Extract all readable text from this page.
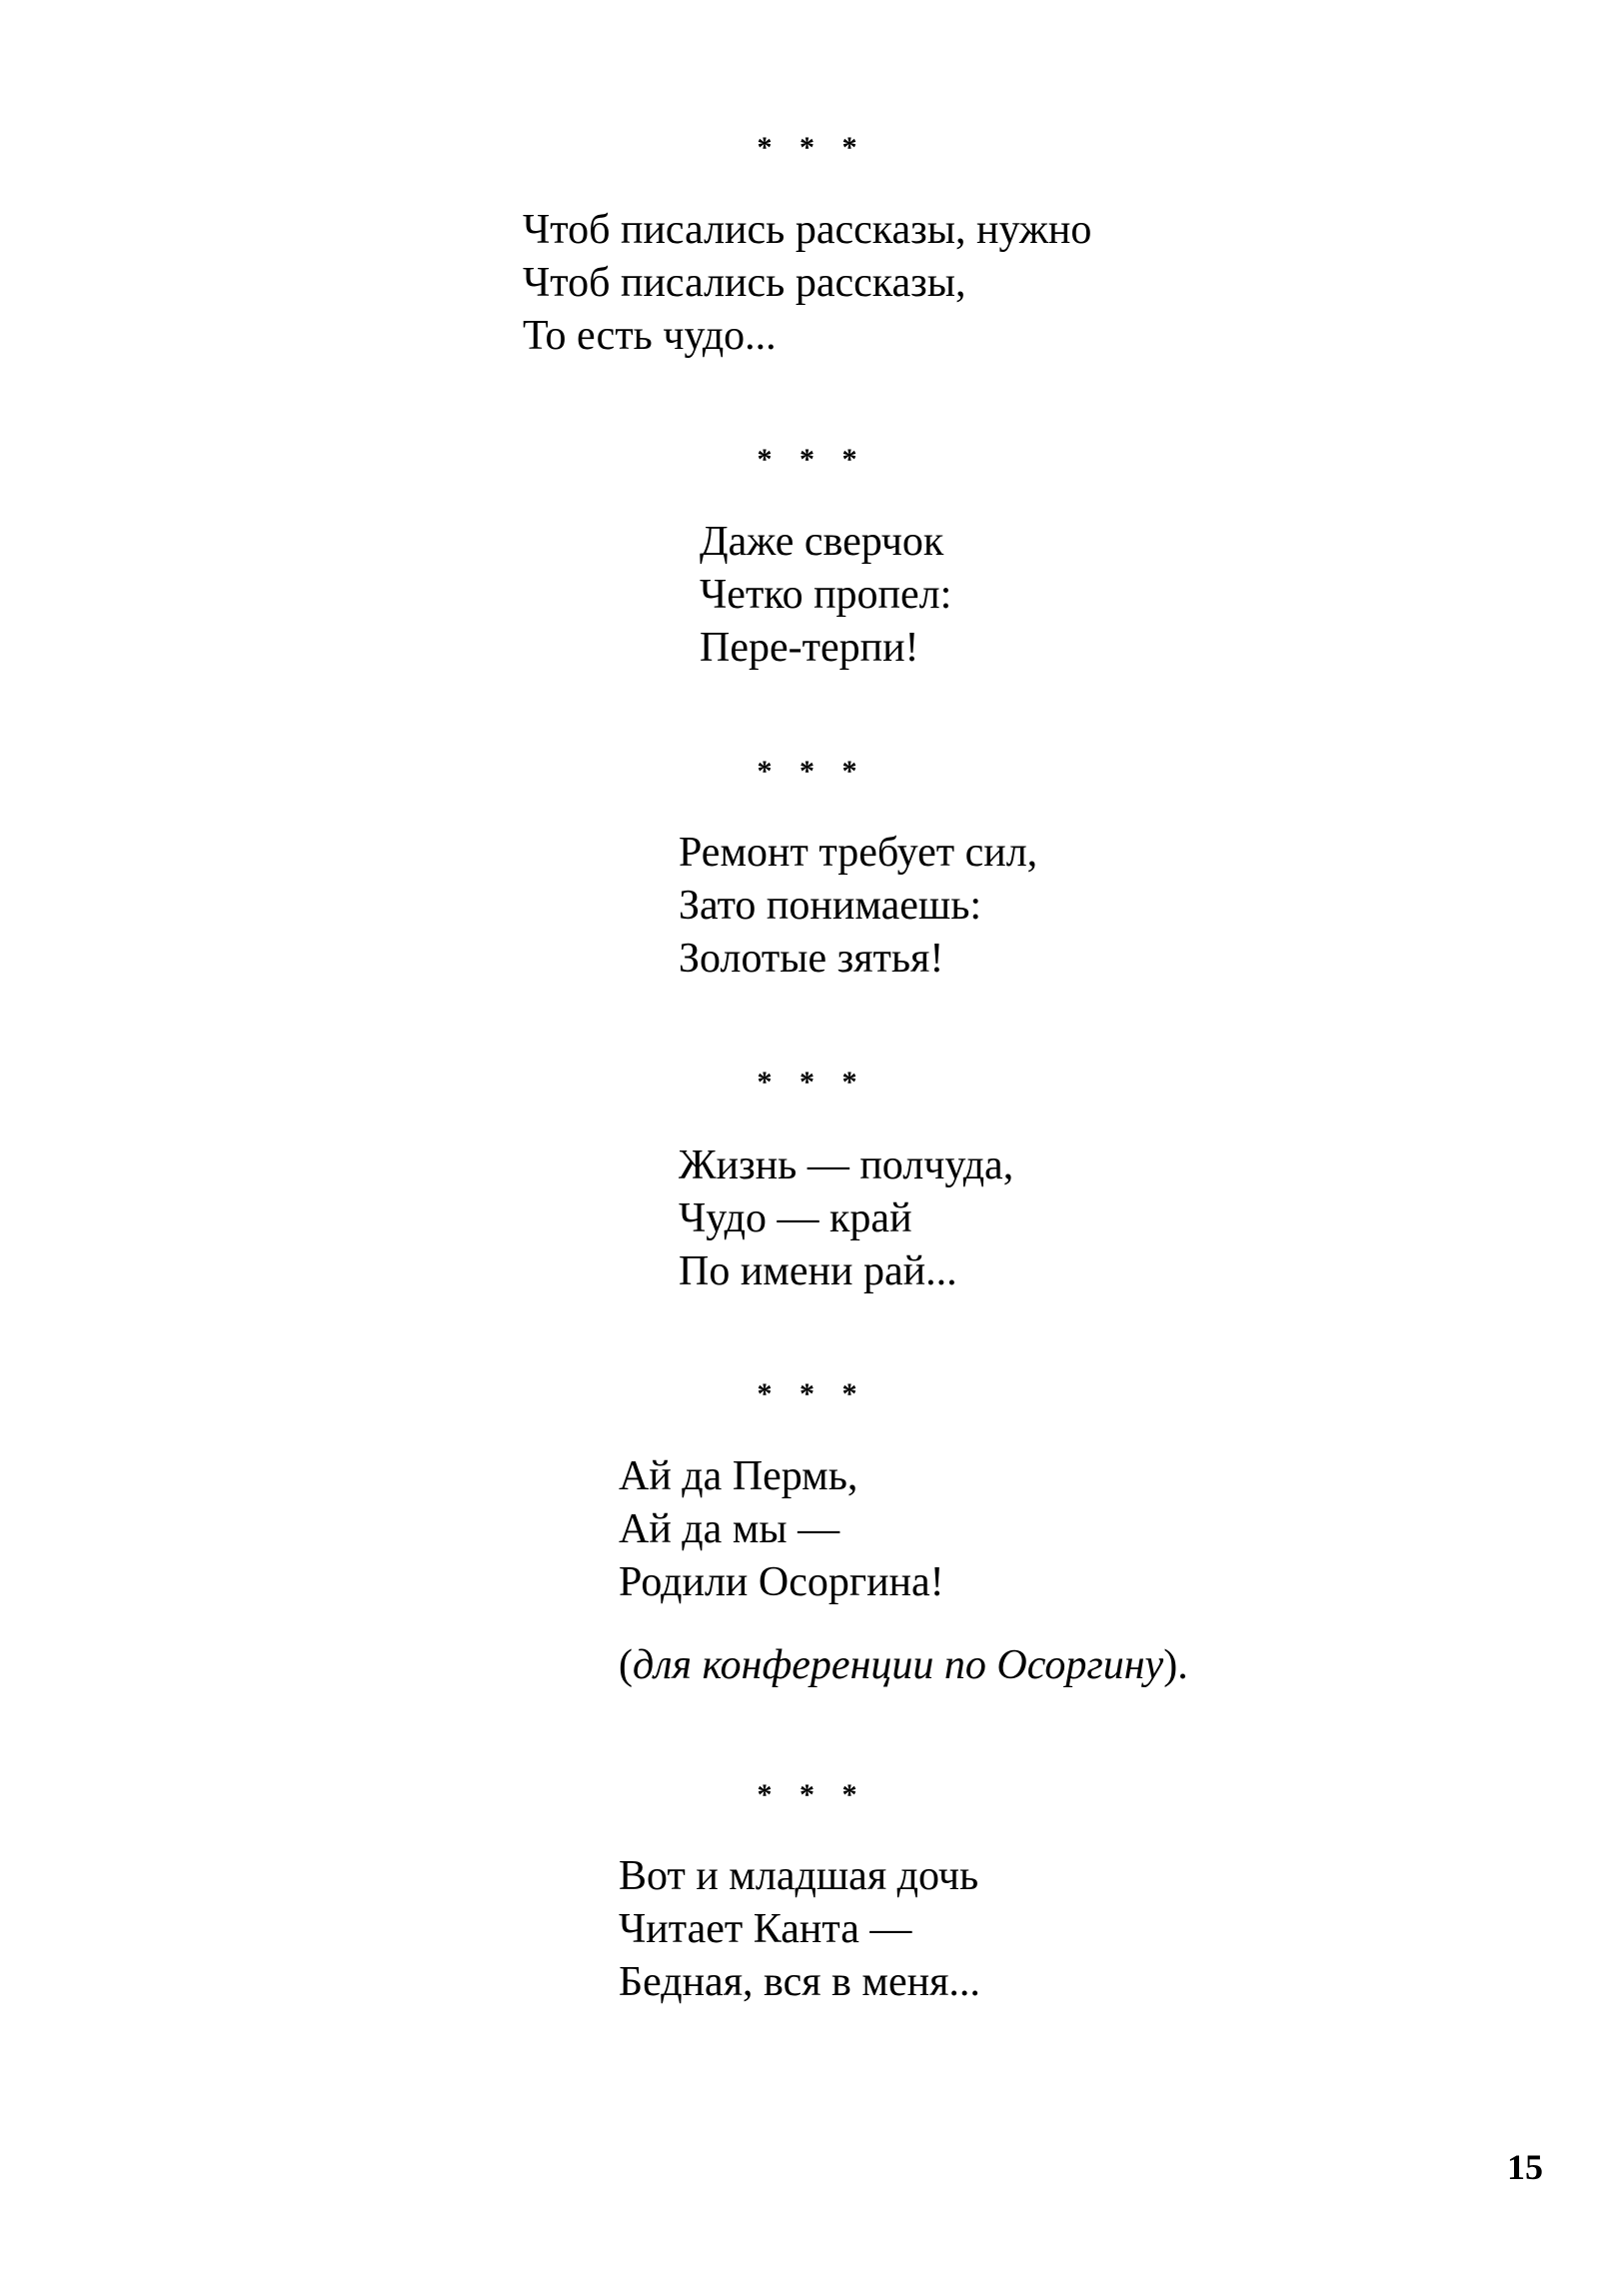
* * *
Чтоб писались рассказы, нужно
Чтоб писались рассказы,
То есть чудо...
* * *
Даже сверчок
Четко пропел:
Пере-терпи!
* * *
Ремонт требует сил,
Зато понимаешь:
Золотые зятья!
* * *
Жизнь — полчуда,
Чудо — край
По имени рай...
* * *
Ай да Пермь,
Ай да мы —
Родили Осоргина!
(для конференции по Осоргину).
* * *
Вот и младшая дочь
Читает Канта —
Бедная, вся в меня...
15
